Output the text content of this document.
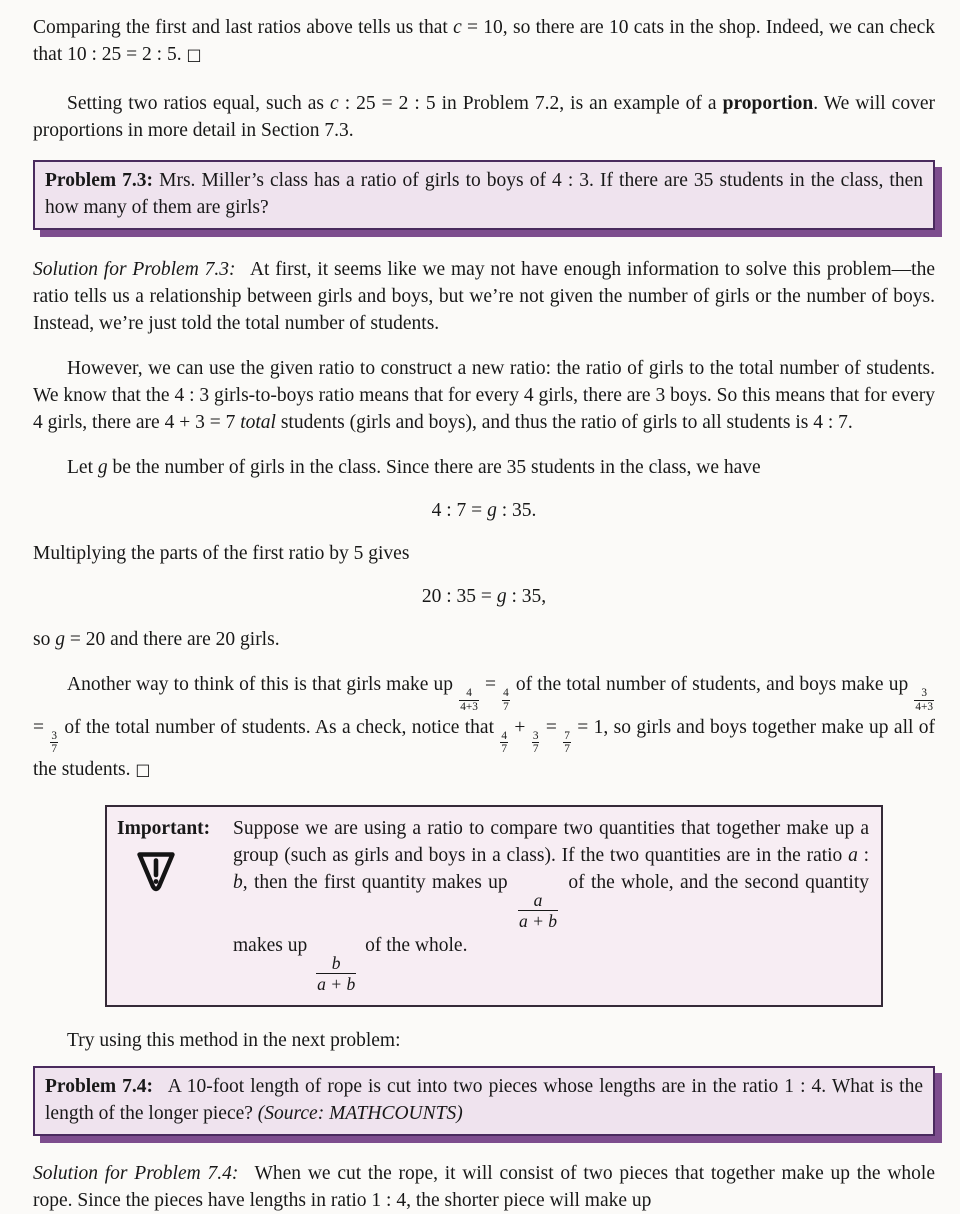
Comparing the first and last ratios above tells us that c = 10, so there are 10 cats in the shop. Indeed, we can check that 10 : 25 = 2 : 5. □

Setting two ratios equal, such as c : 25 = 2 : 5 in Problem 7.2, is an example of a proportion. We will cover proportions in more detail in Section 7.3.

Problem 7.3: Mrs. Miller’s class has a ratio of girls to boys of 4 : 3. If there are 35 students in the class, then how many of them are girls?

Solution for Problem 7.3:  At first, it seems like we may not have enough information to solve this problem—the ratio tells us a relationship between girls and boys, but we’re not given the number of girls or the number of boys. Instead, we’re just told the total number of students.

However, we can use the given ratio to construct a new ratio: the ratio of girls to the total number of students. We know that the 4 : 3 girls-to-boys ratio means that for every 4 girls, there are 3 boys. So this means that for every 4 girls, there are 4 + 3 = 7 total students (girls and boys), and thus the ratio of girls to all students is 4 : 7.

Let g be the number of girls in the class. Since there are 35 students in the class, we have

4 : 7 = g : 35.

Multiplying the parts of the first ratio by 5 gives

20 : 35 = g : 35,

so g = 20 and there are 20 girls.

Another way to think of this is that girls make up
$\frac{4}{4+3}$
=
$\frac{4}{7}$
of the total number of students, and boys make up
$\frac{3}{4+3}$
=
$\frac{3}{7}$
of the total number of students. As a check, notice that
$\frac{4}{7}$
+
$\frac{3}{7}$
=
$\frac{7}{7}$
= 1, so girls and boys together make up all of the students. □

Important:	Suppose we are using a ratio to compare two quantities that together make up a group (such as girls and boys in a class). If the two quantities are in the ratio a : b, then the first quantity makes up
$\frac{a}{a + b}$
of the whole, and the second quantity makes up
$\frac{b}{a + b}$
of the whole.

Try using this method in the next problem:

Problem 7.4:  A 10-foot length of rope is cut into two pieces whose lengths are in the ratio 1 : 4. What is the length of the longer piece? (Source: MATHCOUNTS)

Solution for Problem 7.4:  When we cut the rope, it will consist of two pieces that together make up the whole rope. Since the pieces have lengths in ratio 1 : 4, the shorter piece will make up
